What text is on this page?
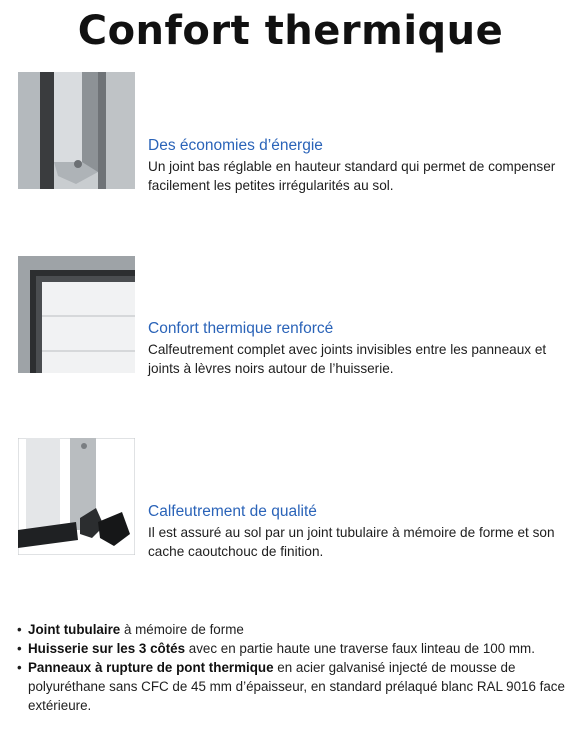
Confort thermique

Des économies d’énergie

Un joint bas réglable en hauteur standard qui permet de compenser facilement les petites irrégularités au sol.

Confort thermique renforcé

Calfeutrement complet avec joints invisibles entre les panneaux et joints à lèvres noirs autour de l’huisserie.

Calfeutrement de qualité

Il est assuré au sol par un joint tubulaire à mémoire de forme et son cache caoutchouc de finition.

• Joint tubulaire à mémoire de forme
• Huisserie sur les 3 côtés avec en partie haute une traverse faux linteau de 100 mm.
• Panneaux à rupture de pont thermique en acier galvanisé injecté de mousse de polyuréthane sans CFC de 45 mm d’épaisseur, en standard prélaqué blanc RAL 9016 face extérieure.
